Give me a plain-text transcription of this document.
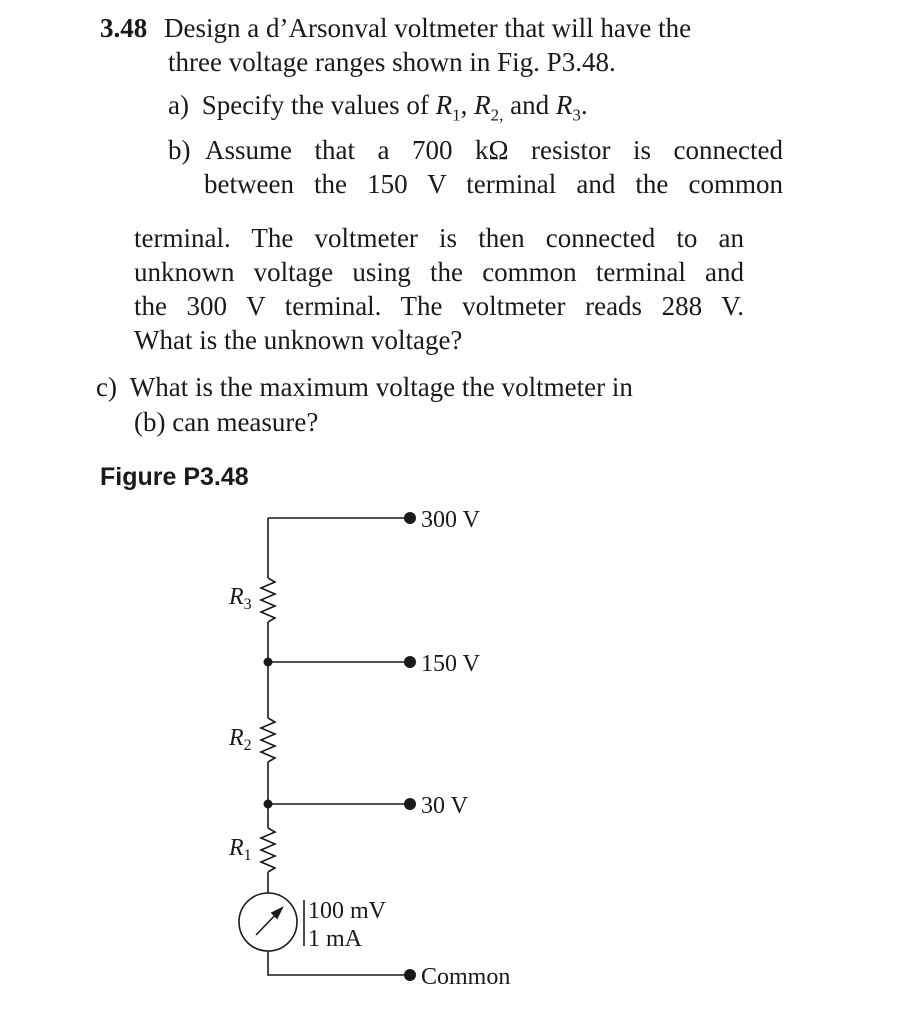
3.48 Design a d’Arsonval voltmeter that will have the
three voltage ranges shown in Fig. P3.48.
a) Specify the values of $R_1$, $R_{2,}$ and $R_3$.
b) Assume that a 700 kΩ resistor is connected
between the 150 V terminal and the common
terminal. The voltmeter is then connected to an
unknown voltage using the common terminal and
the 300 V terminal. The voltmeter reads 288 V.
What is the unknown voltage?
c) What is the maximum voltage the voltmeter in
(b) can measure?
Figure P3.48
300 V
150 V
30 V
Common
$R_3$
$R_2$
$R_1$
100 mV
1 mA
